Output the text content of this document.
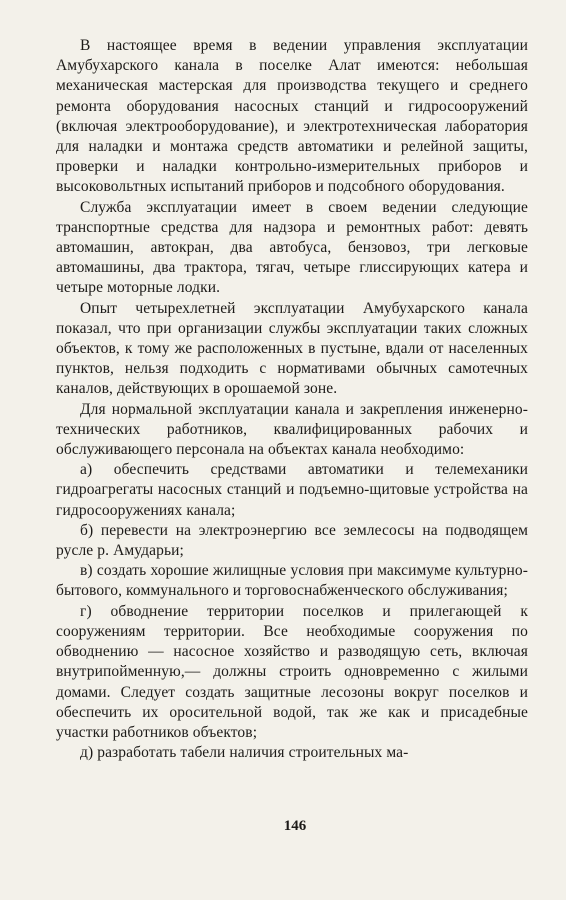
В настоящее время в ведении управления эксплуатации Амубухарского канала в поселке Алат имеются: небольшая механическая мастерская для производства текущего и среднего ремонта оборудования насосных станций и гидросооружений (включая электрооборудование), и электротехническая лаборатория для наладки и монтажа средств автоматики и релейной защиты, проверки и наладки контрольно-измерительных приборов и высоковольтных испытаний приборов и подсобного оборудования.

Служба эксплуатации имеет в своем ведении следующие транспортные средства для надзора и ремонтных работ: девять автомашин, автокран, два автобуса, бензовоз, три легковые автомашины, два трактора, тягач, четыре глиссирующих катера и четыре моторные лодки.

Опыт четырехлетней эксплуатации Амубухарского канала показал, что при организации службы эксплуатации таких сложных объектов, к тому же расположенных в пустыне, вдали от населенных пунктов, нельзя подходить с нормативами обычных самотечных каналов, действующих в орошаемой зоне.

Для нормальной эксплуатации канала и закрепления инженерно-технических работников, квалифицированных рабочих и обслуживающего персонала на объектах канала необходимо:

а) обеспечить средствами автоматики и телемеханики гидроагрегаты насосных станций и подъемно-щитовые устройства на гидросооружениях канала;

б) перевести на электроэнергию все землесосы на подводящем русле р. Амударьи;

в) создать хорошие жилищные условия при максимуме культурно-бытового, коммунального и торговоснабженческого обслуживания;

г) обводнение территории поселков и прилегающей к сооружениям территории. Все необходимые сооружения по обводнению — насосное хозяйство и разводящую сеть, включая внутрипойменную,— должны строить одновременно с жилыми домами. Следует создать защитные лесозоны вокруг поселков и обеспечить их оросительной водой, так же как и присадебные участки работников объектов;

д) разработать табели наличия строительных ма-

146
